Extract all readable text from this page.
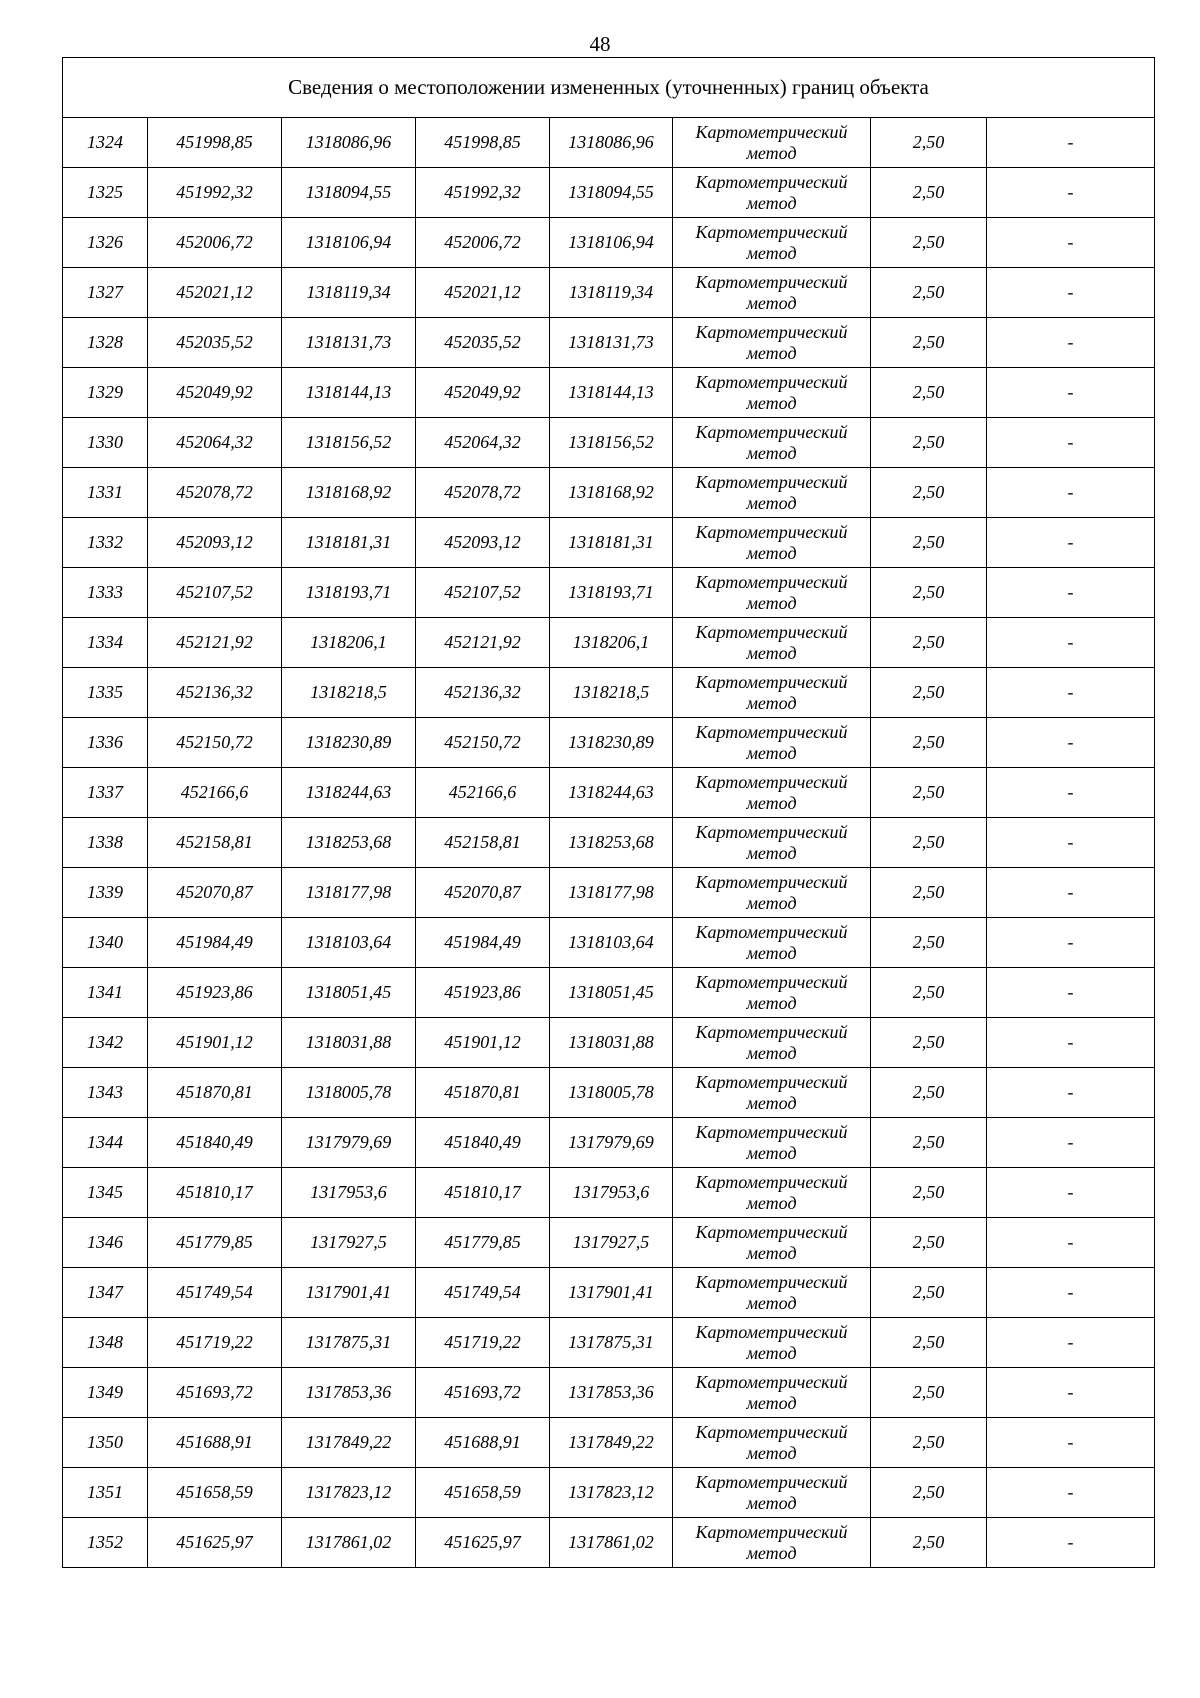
48
Сведения о местоположении измененных (уточненных) границ объекта							
1324	451998,85	1318086,96	451998,85	1318086,96	Картометрический
метод	2,50	-
1325	451992,32	1318094,55	451992,32	1318094,55	Картометрический
метод	2,50	-
1326	452006,72	1318106,94	452006,72	1318106,94	Картометрический
метод	2,50	-
1327	452021,12	1318119,34	452021,12	1318119,34	Картометрический
метод	2,50	-
1328	452035,52	1318131,73	452035,52	1318131,73	Картометрический
метод	2,50	-
1329	452049,92	1318144,13	452049,92	1318144,13	Картометрический
метод	2,50	-
1330	452064,32	1318156,52	452064,32	1318156,52	Картометрический
метод	2,50	-
1331	452078,72	1318168,92	452078,72	1318168,92	Картометрический
метод	2,50	-
1332	452093,12	1318181,31	452093,12	1318181,31	Картометрический
метод	2,50	-
1333	452107,52	1318193,71	452107,52	1318193,71	Картометрический
метод	2,50	-
1334	452121,92	1318206,1	452121,92	1318206,1	Картометрический
метод	2,50	-
1335	452136,32	1318218,5	452136,32	1318218,5	Картометрический
метод	2,50	-
1336	452150,72	1318230,89	452150,72	1318230,89	Картометрический
метод	2,50	-
1337	452166,6	1318244,63	452166,6	1318244,63	Картометрический
метод	2,50	-
1338	452158,81	1318253,68	452158,81	1318253,68	Картометрический
метод	2,50	-
1339	452070,87	1318177,98	452070,87	1318177,98	Картометрический
метод	2,50	-
1340	451984,49	1318103,64	451984,49	1318103,64	Картометрический
метод	2,50	-
1341	451923,86	1318051,45	451923,86	1318051,45	Картометрический
метод	2,50	-
1342	451901,12	1318031,88	451901,12	1318031,88	Картометрический
метод	2,50	-
1343	451870,81	1318005,78	451870,81	1318005,78	Картометрический
метод	2,50	-
1344	451840,49	1317979,69	451840,49	1317979,69	Картометрический
метод	2,50	-
1345	451810,17	1317953,6	451810,17	1317953,6	Картометрический
метод	2,50	-
1346	451779,85	1317927,5	451779,85	1317927,5	Картометрический
метод	2,50	-
1347	451749,54	1317901,41	451749,54	1317901,41	Картометрический
метод	2,50	-
1348	451719,22	1317875,31	451719,22	1317875,31	Картометрический
метод	2,50	-
1349	451693,72	1317853,36	451693,72	1317853,36	Картометрический
метод	2,50	-
1350	451688,91	1317849,22	451688,91	1317849,22	Картометрический
метод	2,50	-
1351	451658,59	1317823,12	451658,59	1317823,12	Картометрический
метод	2,50	-
1352	451625,97	1317861,02	451625,97	1317861,02	Картометрический
метод	2,50	-
